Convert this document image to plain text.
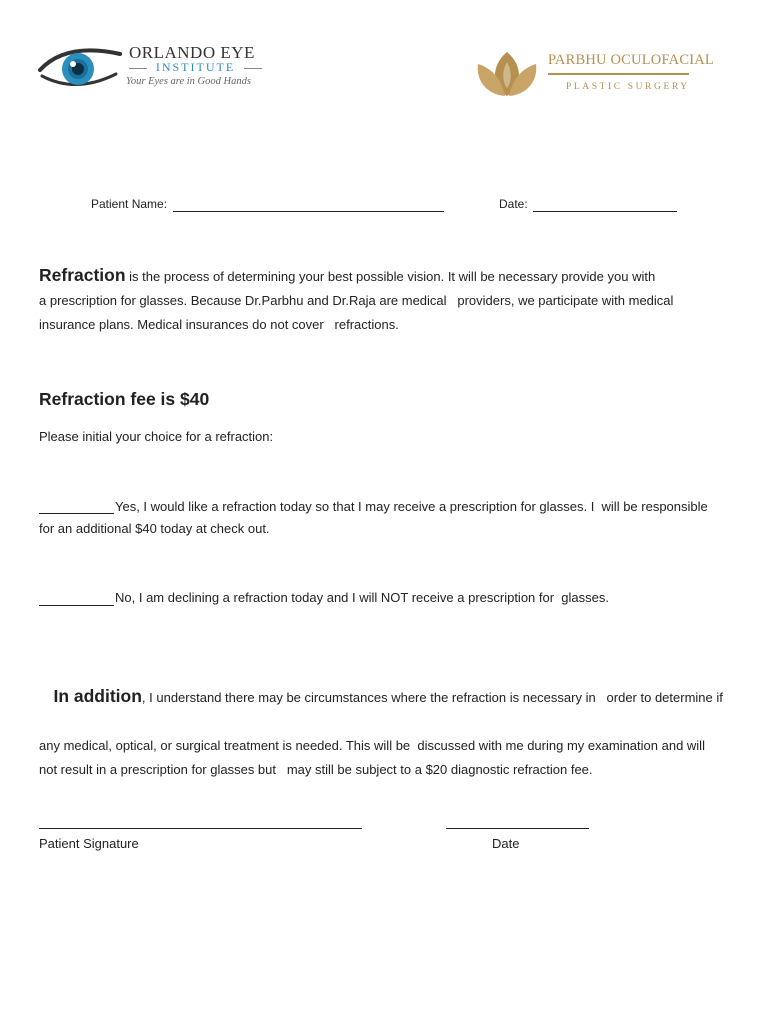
ORLANDO EYE
INSTITUTE
Your Eyes are in Good Hands
PARBHU OCULOFACIAL
PLASTIC SURGERY
Patient Name:	Date:
Refraction is the process of determining your best possible vision. It will be necessary provide you with
a prescription for glasses. Because Dr.Parbhu and Dr.Raja are medical   providers, we participate with medical
insurance plans. Medical insurances do not cover   refractions.
Refraction fee is $40
Please initial your choice for a refraction:
Yes, I would like a refraction today so that I may receive a prescription for glasses. I  will be responsible
for an additional $40 today at check out.
No, I am declining a refraction today and I will NOT receive a prescription for  glasses.

In addition, I understand there may be circumstances where the refraction is necessary in   order to determine if

any medical, optical, or surgical treatment is needed. This will be  discussed with me during my examination and will
not result in a prescription for glasses but   may still be subject to a $20 diagnostic refraction fee.
Patient Signature	Date
